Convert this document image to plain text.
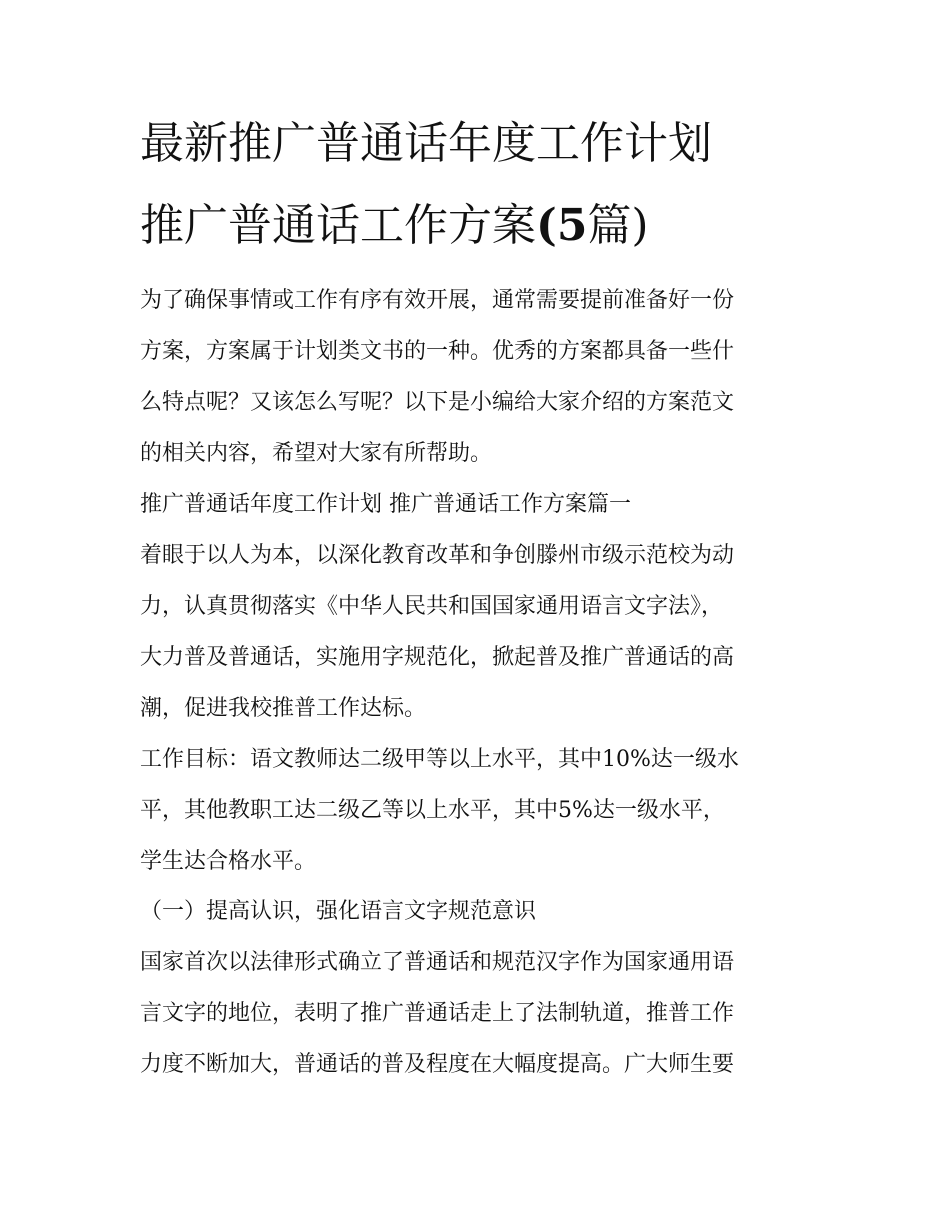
最新推广普通话年度工作计划
推广普通话工作方案(5篇)

为了确保事情或工作有序有效开展，通常需要提前准备好一份

方案，方案属于计划类文书的一种。优秀的方案都具备一些什

么特点呢？又该怎么写呢？以下是小编给大家介绍的方案范文

的相关内容，希望对大家有所帮助。

推广普通话年度工作计划 推广普通话工作方案篇一

着眼于以人为本，以深化教育改革和争创滕州市级示范校为动

力，认真贯彻落实《中华人民共和国国家通用语言文字法》，

大力普及普通话，实施用字规范化，掀起普及推广普通话的高

潮，促进我校推普工作达标。

工作目标：语文教师达二级甲等以上水平，其中10%达一级水

平，其他教职工达二级乙等以上水平，其中5%达一级水平，

学生达合格水平。

（一）提高认识，强化语言文字规范意识

国家首次以法律形式确立了普通话和规范汉字作为国家通用语

言文字的地位，表明了推广普通话走上了法制轨道，推普工作

力度不断加大，普通话的普及程度在大幅度提高。广大师生要
